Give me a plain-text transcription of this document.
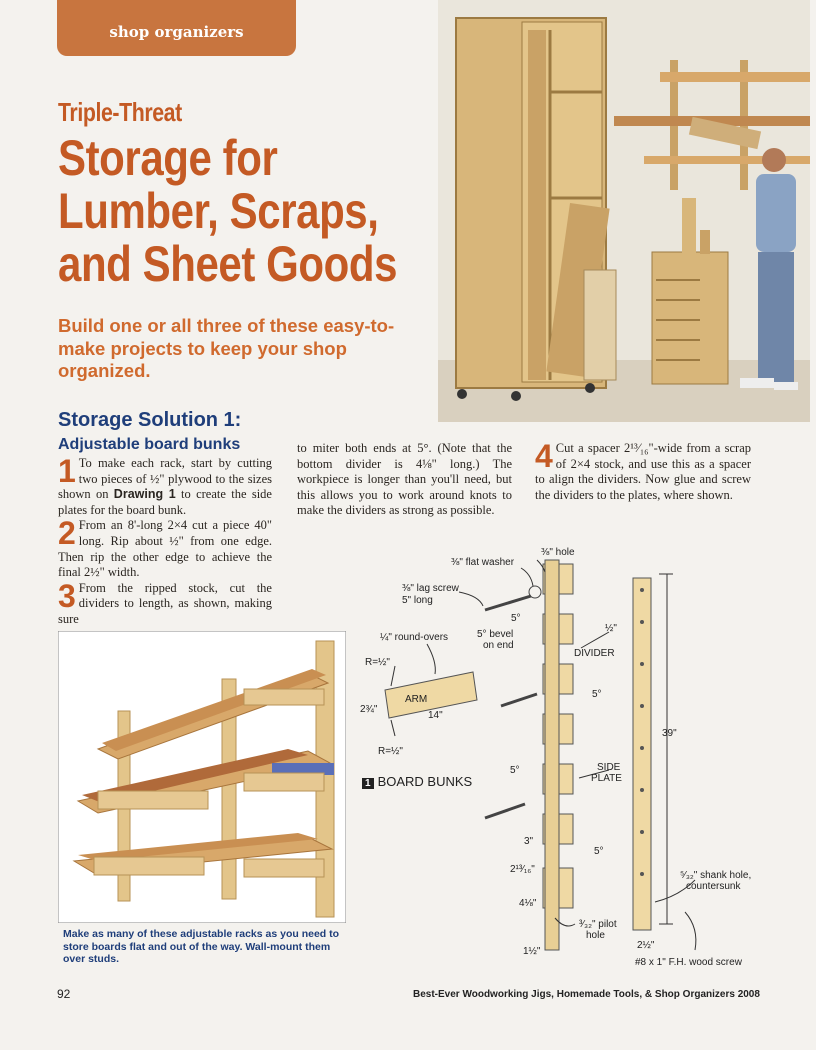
shop organizers
Triple-Threat
Storage for
Lumber, Scraps,
and Sheet Goods
Build one or all three of these easy-to-make projects to keep your shop organized.
Storage Solution 1:
Adjustable board bunks

1 To make each rack, start by cutting two pieces of ½" plywood to the sizes shown on Drawing 1 to create the side plates for the board bunk.

2 From an 8'-long 2×4 cut a piece 40" long. Rip about ½" from one edge. Then rip the other edge to achieve the final 2½" width.

3 From the ripped stock, cut the dividers to length, as shown, making sure

to miter both ends at 5°. (Note that the bottom divider is 4⅛" long.) The workpiece is longer than you'll need, but this allows you to work around knots to make the dividers as strong as possible.

4 Cut a spacer 2¹³⁄₁₆"-wide from a scrap of 2×4 stock, and use this as a spacer to align the dividers. Now glue and screw the dividers to the plates, where shown.

Make as many of these adjustable racks as you need to store boards flat and out of the way. Wall-mount them over studs.
⅜" flat washer
⅜" hole
⅜" lag screw
5" long
5°
½"
¼" round-overs	5° bevel
on end
DIVIDER
R=½"
ARM	5°
2¾"
14"
39"
R=½"
5°	SIDE
PLATE
1 BOARD BUNKS
3"
5°
2¹³⁄₁₆"
⁵⁄₃₂" shank hole,
countersunk
4⅛"
³⁄₃₂" pilot
hole
2½"
1½"
#8 x 1" F.H. wood screw
92	Best-Ever Woodworking Jigs, Homemade Tools, & Shop Organizers 2008
